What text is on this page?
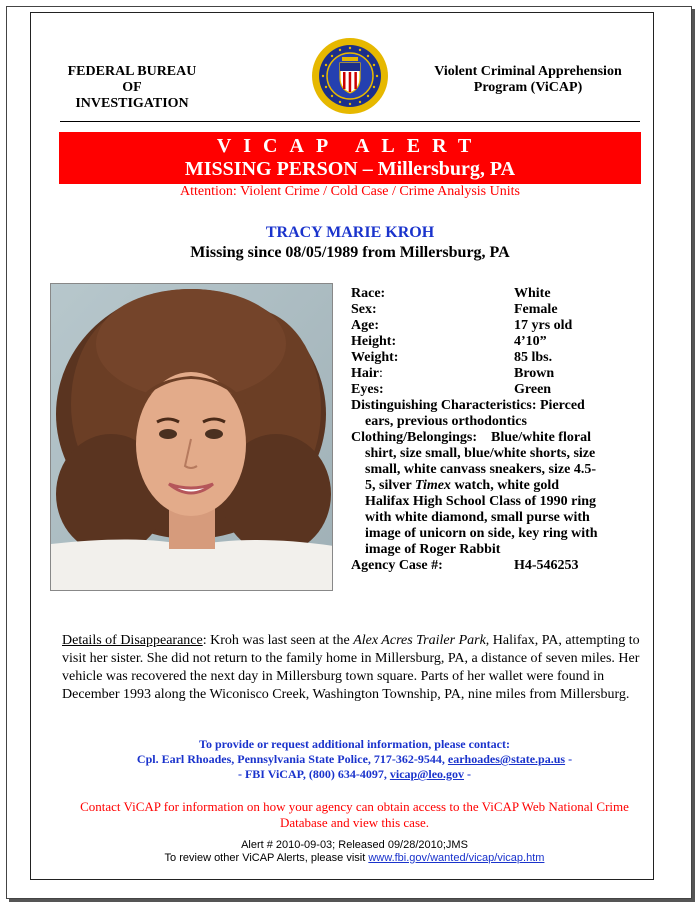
FEDERAL BUREAU OF
INVESTIGATION
Violent Criminal Apprehension
Program (ViCAP)
VICAP ALERT
MISSING PERSON – Millersburg, PA
Attention: Violent Crime / Cold Case / Crime Analysis Units
TRACY MARIE KROH
Missing since 08/05/1989 from Millersburg, PA
Race:	White
Sex:	Female
Age:	17 yrs old
Height:	4’10”
Weight:	85 lbs.
Hair:	Brown
Eyes:	Green
Distinguishing Characteristics: Pierced
ears, previous orthodontics
Clothing/Belongings: Blue/white floral
shirt, size small, blue/white shorts, size
small, white canvass sneakers, size 4.5-
5, silver Timex watch, white gold
Halifax High School Class of 1990 ring
with white diamond, small purse with
image of unicorn on side, key ring with
image of Roger Rabbit
Agency Case #:	H4-546253
Details of Disappearance: Kroh was last seen at the Alex Acres Trailer Park, Halifax, PA, attempting to visit her sister. She did not return to the family home in Millersburg, PA, a distance of seven miles. Her vehicle was recovered the next day in Millersburg town square. Parts of her wallet were found in December 1993 along the Wiconisco Creek, Washington Township, PA, nine miles from Millersburg.
To provide or request additional information, please contact:
Cpl. Earl Rhoades, Pennsylvania State Police, 717-362-9544, earhoades@state.pa.us -
- FBI ViCAP, (800) 634-4097, vicap@leo.gov -
Contact ViCAP for information on how your agency can obtain access to the ViCAP Web National Crime Database and view this case.
Alert # 2010-09-03; Released 09/28/2010;JMS
To review other ViCAP Alerts, please visit www.fbi.gov/wanted/vicap/vicap.htm
